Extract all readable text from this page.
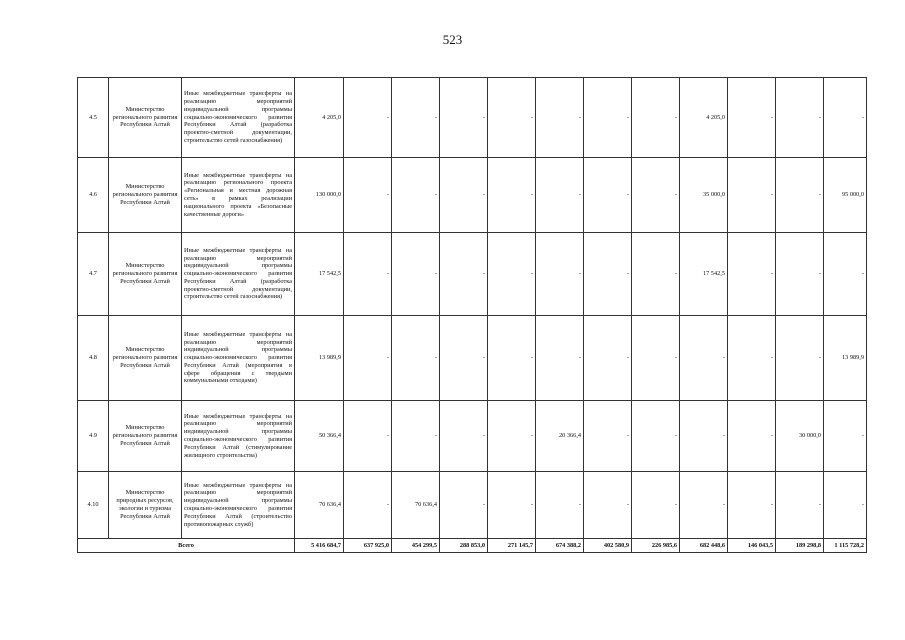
523
4.5	Министерство регионального развития Республики Алтай	Иные межбюджетные трансферты на реализацию мероприятий индивидуальной программы социально-экономического развития Республики Алтай (разработка проектно-сметной документации, строительство сетей газоснабжения)	4 205,0	-	-	-	-	-	-	-	4 205,0	-	-	-
4.6	Министерство регионального развития Республики Алтай	Иные межбюджетные трансферты на реализацию регионального проекта «Региональная и местная дорожная сеть» в рамках реализации национального проекта «Безопасные качественные дороги»	130 000,0	-	-	-	-	-	-	-	35 000,0	-	-	95 000,0
4.7	Министерство регионального развития Республики Алтай	Иные межбюджетные трансферты на реализацию мероприятий индивидуальной программы социально-экономического развития Республики Алтай (разработка проектно-сметной документации, строительство сетей газоснабжения)	17 542,5	-	-	-	-	-	-	-	17 542,5	-	-	-
4.8	Министерство регионального развития Республики Алтай	Иные межбюджетные трансферты на реализацию мероприятий индивидуальной программы социально-экономического развития Республики Алтай (мероприятия в сфере обращения с твердыми коммунальными отходами)	13 989,9	-	-	-	-	-	-	-	-	-	-	13 989,9
4.9	Министерство регионального развития Республики Алтай	Иные межбюджетные трансферты на реализацию мероприятий индивидуальной программы социально-экономического развития Республики Алтай (стимулирование жилищного строительства)	50 366,4	-	-	-	-	20 366,4	-	-	-	-	30 000,0	-
4.10	Министерство природных ресурсов, экологии и туризма Республики Алтай	Иные межбюджетные трансферты на реализацию мероприятий индивидуальной программы социально-экономического развития Республики Алтай (строительство противопожарных служб)	70 636,4	-	70 636,4	-	-	-	-	-	-	-	-	-
Всего			5 416 684,7	637 925,0	454 299,5	288 853,0	271 145,7	674 388,2	402 580,9	226 985,6	682 448,6	146 043,5	189 298,8	1 115 728,2
